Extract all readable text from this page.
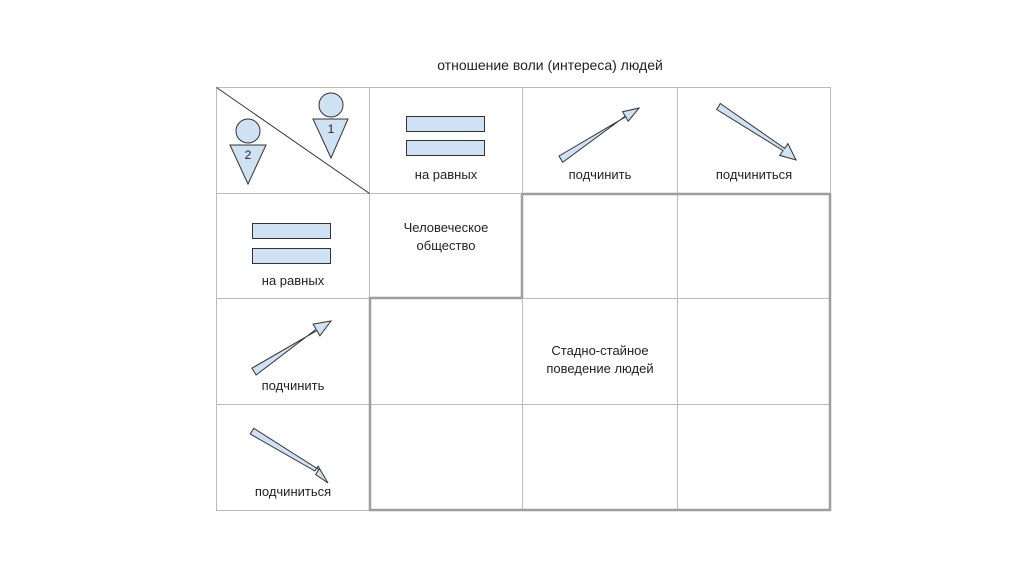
отношение воли (интереса) людей
1
2
на равных	подчинить	подчиниться
на равных
подчинить
подчиниться
Человеческое
общество
Стадно-стайное
поведение людей
